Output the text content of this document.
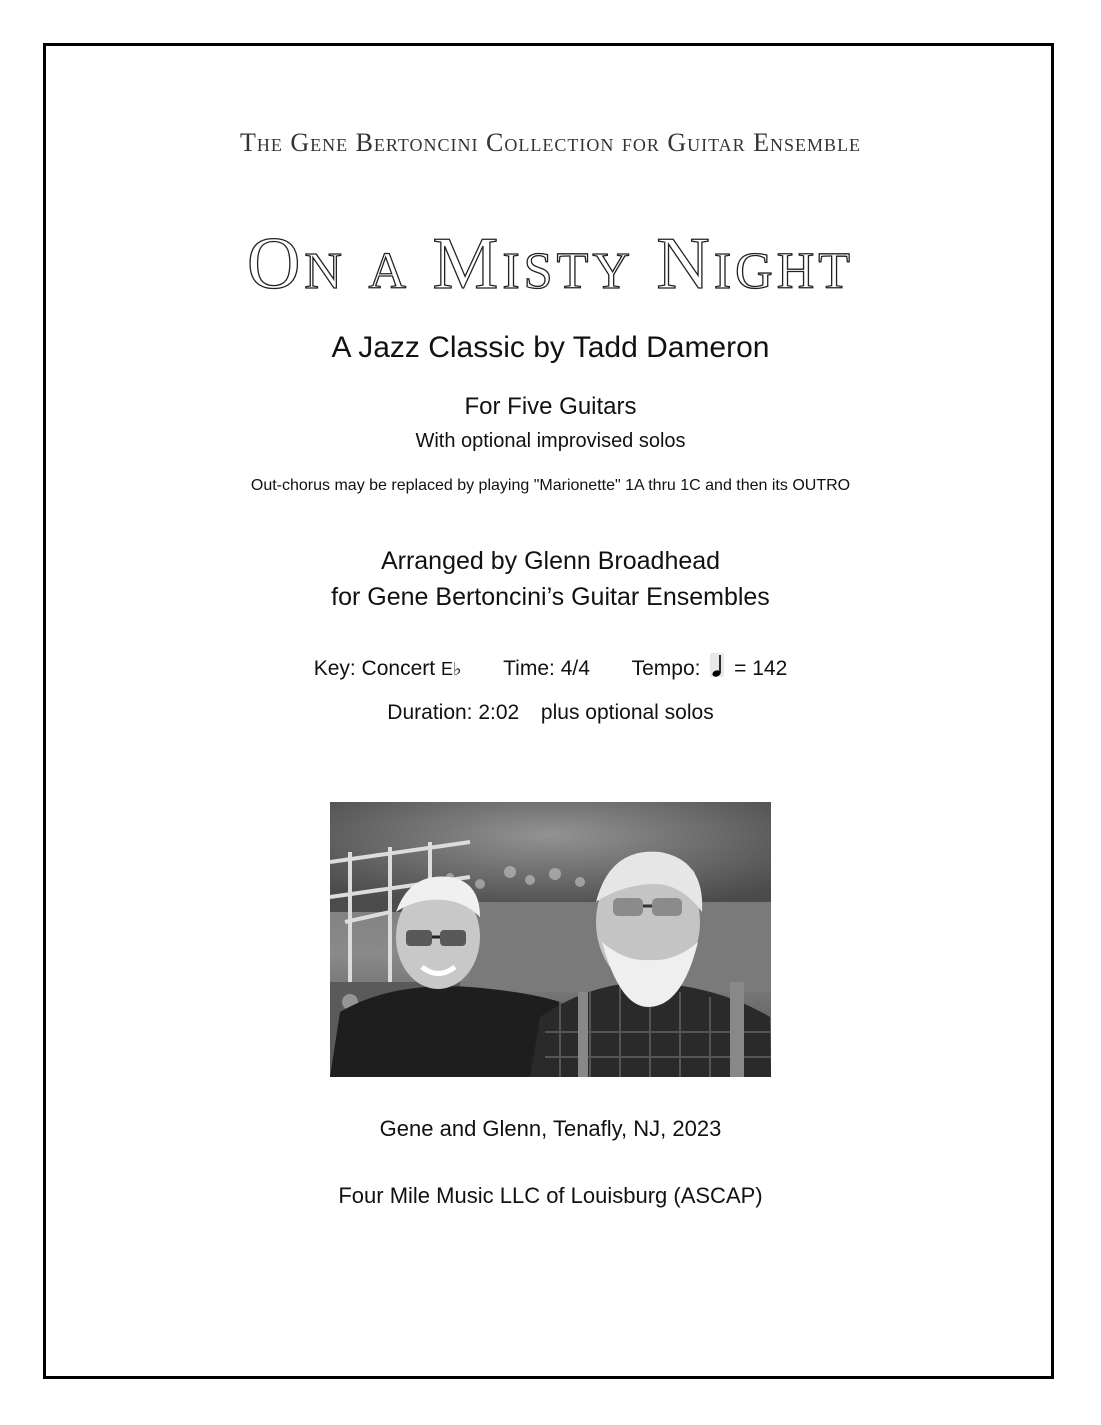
The Gene Bertoncini Collection for Guitar Ensemble
On a Misty Night
A Jazz Classic by Tadd Dameron
For Five Guitars
With optional improvised solos
Out-chorus may be replaced by playing "Marionette" 1A thru 1C and then its OUTRO
Arranged by Glenn Broadhead
for Gene Bertoncini’s Guitar Ensembles
Key: Concert E♭ Time: 4/4 Tempo: = 142
Duration: 2:02 plus optional solos
Gene and Glenn, Tenafly, NJ, 2023
Four Mile Music LLC of Louisburg (ASCAP)
